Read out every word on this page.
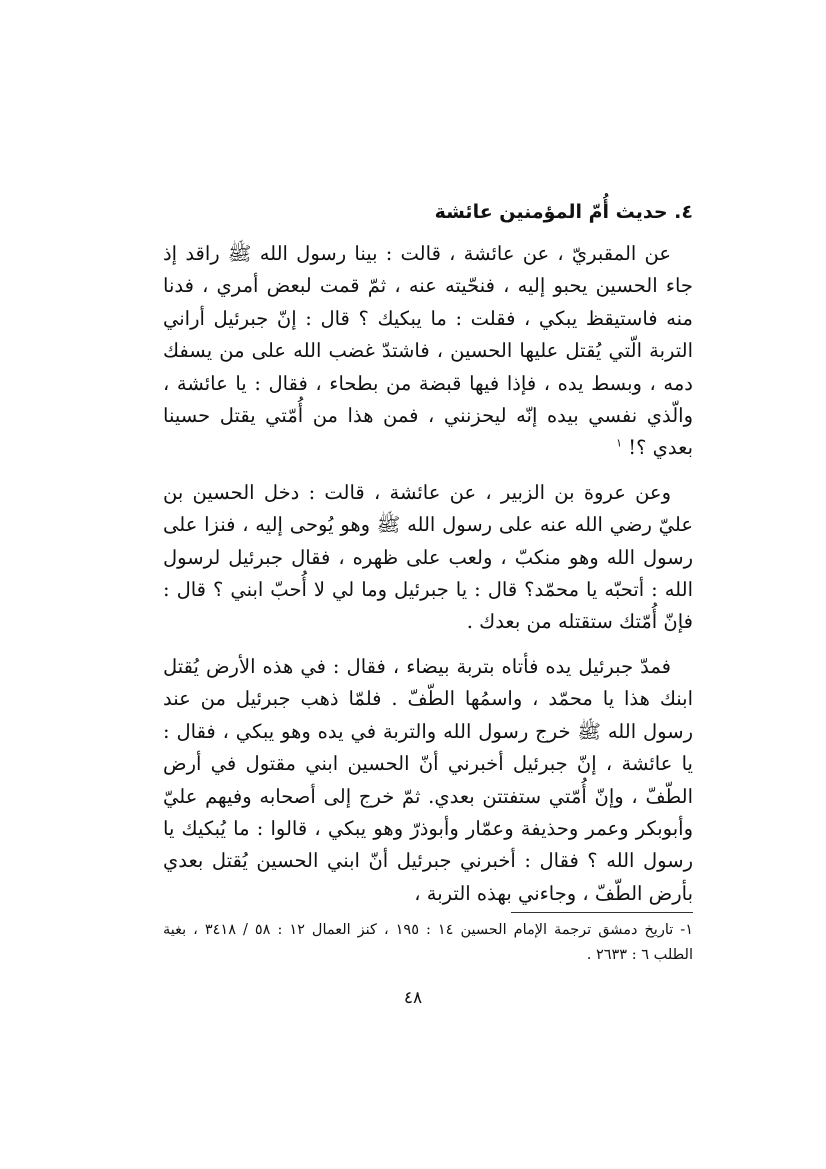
٤. حديث أُمّ المؤمنين عائشة

عن المقبريّ ، عن عائشة ، قالت : بينا رسول الله ﷺ راقد إذ جاء الحسين يحبو إليه ، فنحّيته عنه ، ثمّ قمت لبعض أمري ، فدنا منه فاستيقظ يبكي ، فقلت : ما يبكيك ؟ قال : إنّ جبرئيل أراني التربة الّتي يُقتل عليها الحسين ، فاشتدّ غضب الله على من يسفك دمه ، وبسط يده ، فإذا فيها قبضة من بطحاء ، فقال : يا عائشة ، والّذي نفسي بيده إنّه ليحزنني ، فمن هذا من أُمّتي يقتل حسينا بعدي ؟! $^١$

وعن عروة بن الزبير ، عن عائشة ، قالت : دخل الحسين بن عليّ رضي الله عنه على رسول الله ﷺ وهو يُوحى إليه ، فنزا على رسول الله وهو منكبّ ، ولعب على ظهره ، فقال جبرئيل لرسول الله : أتحبّه يا محمّد؟ قال : يا جبرئيل وما لي لا أُحبّ ابني ؟ قال : فإنّ أُمّتك ستقتله من بعدك .

فمدّ جبرئيل يده فأتاه بتربة بيضاء ، فقال : في هذه الأرض يُقتل ابنك هذا يا محمّد ، واسمُها الطّفّ . فلمّا ذهب جبرئيل من عند رسول الله ﷺ خرج رسول الله والتربة في يده وهو يبكي ، فقال : يا عائشة ، إنّ جبرئيل أخبرني أنّ الحسين ابني مقتول في أرض الطّفّ ، وإنّ أُمّتي ستفتتن بعدي. ثمّ خرج إلى أصحابه وفيهم عليّ وأبوبكر وعمر وحذيفة وعمّار وأبوذرّ وهو يبكي ، قالوا : ما يُبكيك يا رسول الله ؟ فقال : أخبرني جبرئيل أنّ ابني الحسين يُقتل بعدي بأرض الطّفّ ، وجاءني بهذه التربة ،

١- تاريخ دمشق ترجمة الإمام الحسين ١٤ : ١٩٥ ، كنز العمال ١٢ : ٥٨ / ٣٤١٨ ، بغية الطلب ٦ : ٢٦٣٣ .
٤٨
